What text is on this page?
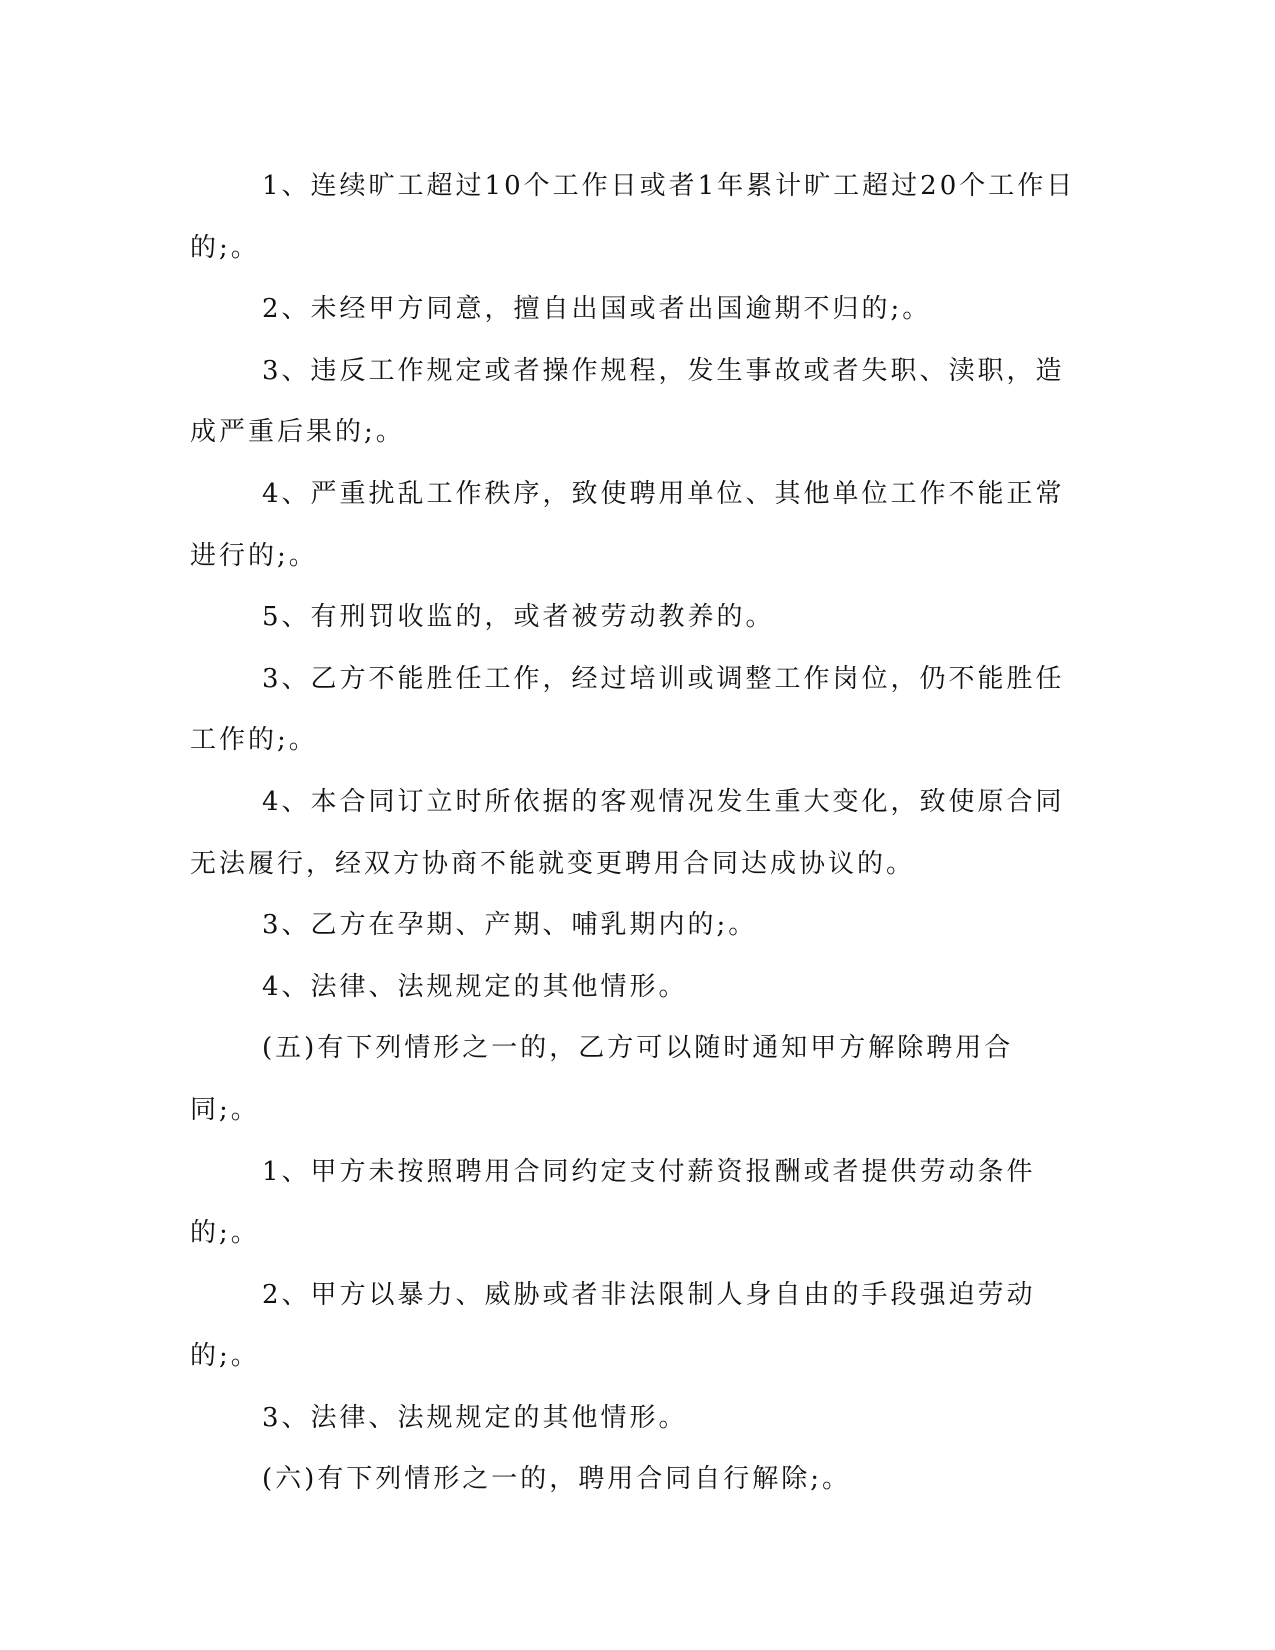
1、连续旷工超过10个工作日或者1年累计旷工超过20个工作日的;。

2、未经甲方同意，擅自出国或者出国逾期不归的;。

3、违反工作规定或者操作规程，发生事故或者失职、渎职，造成严重后果的;。

4、严重扰乱工作秩序，致使聘用单位、其他单位工作不能正常进行的;。

5、有刑罚收监的，或者被劳动教养的。

3、乙方不能胜任工作，经过培训或调整工作岗位，仍不能胜任工作的;。

4、本合同订立时所依据的客观情况发生重大变化，致使原合同无法履行，经双方协商不能就变更聘用合同达成协议的。

3、乙方在孕期、产期、哺乳期内的;。

4、法律、法规规定的其他情形。

(五)有下列情形之一的，乙方可以随时通知甲方解除聘用合同;。

1、甲方未按照聘用合同约定支付薪资报酬或者提供劳动条件的;。

2、甲方以暴力、威胁或者非法限制人身自由的手段强迫劳动的;。

3、法律、法规规定的其他情形。

(六)有下列情形之一的，聘用合同自行解除;。
